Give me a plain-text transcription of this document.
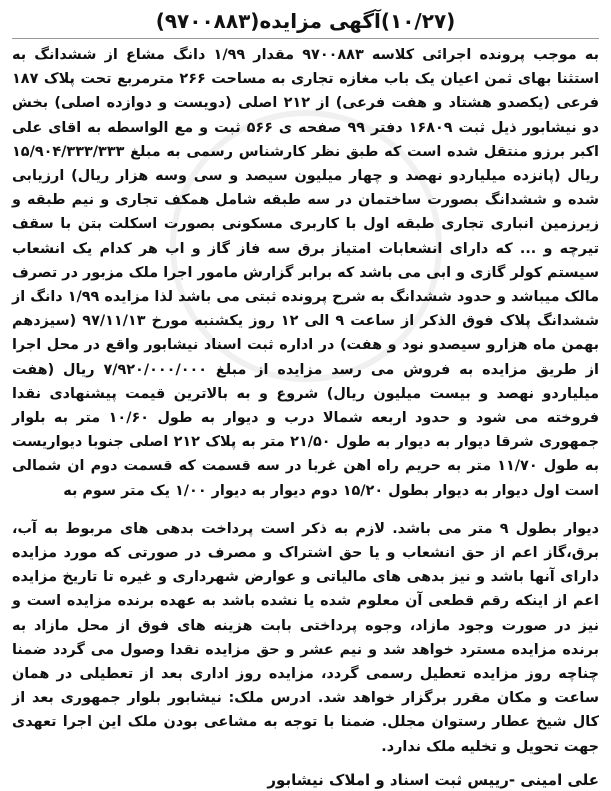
(۱۰/۲۷)آگهی مزایده(۹۷۰۰۸۸۳)

به موجب پرونده اجرائی کلاسه ۹۷۰۰۸۸۳ مقدار ۱/۹۹ دانگ مشاع از ششدانگ به استثنا بهای ثمن اعیان یک باب مغازه تجاری به مساحت ۲۶۶ مترمربع تحت پلاک ۱۸۷ فرعی (یکصدو هشتاد و هفت فرعی) از ۲۱۲ اصلی (دویست و دوازده اصلی) بخش دو نیشابور ذیل ثبت ۱۶۸۰۹ دفتر ۹۹ صفحه ی ۵۶۶ ثبت و مع الواسطه به اقای علی اکبر برزو منتقل شده است که طبق نظر کارشناس رسمی به مبلغ ۱۵/۹۰۴/۳۳۳/۳۳۳ ریال (پانزده میلیاردو نهصد و چهار میلیون سیصد و سی وسه هزار ریال) ارزیابی شده و ششدانگ بصورت ساختمان در سه طبقه شامل همکف تجاری و نیم طبقه و زیرزمین انباری تجاری طبقه اول با کاربری مسکونی بصورت اسکلت بتن با سقف تیرچه و ... که دارای انشعابات امتیاز برق سه فاز گاز و اب هر کدام یک انشعاب سیستم کولر گازی و ابی می باشد که برابر گزارش مامور اجرا ملک مزبور در تصرف مالک میباشد و حدود ششدانگ به شرح پرونده ثبتی می باشد لذا مزایده ۱/۹۹ دانگ از ششدانگ پلاک فوق الذکر از ساعت ۹ الی ۱۲ روز یکشنبه مورخ ۹۷/۱۱/۱۳ (سیزدهم بهمن ماه هزارو سیصدو نود و هفت) در اداره ثبت اسناد نیشابور واقع در محل اجرا از طریق مزایده به فروش می رسد مزایده از مبلغ ۷/۹۲۰/۰۰۰/۰۰۰ ریال (هفت میلیاردو نهصد و بیست میلیون ریال) شروع و به بالاترین قیمت پیشنهادی نقدا فروخته می شود و حدود اربعه شمالا درب و دیوار به طول ۱۰/۶۰ متر به بلوار جمهوری شرقا دیوار به دیوار به طول ۲۱/۵۰ متر به پلاک ۲۱۲ اصلی جنوبا دیواریست به طول ۱۱/۷۰ متر به حریم راه اهن غربا در سه قسمت که قسمت دوم ان شمالی است اول دیوار به دیوار بطول ۱۵/۲۰ دوم دیوار به دیوار ۱/۰۰ یک متر سوم به

دیوار بطول ۹ متر می باشد. لازم به ذکر است پرداخت بدهی های مربوط به آب، برق،گاز اعم از حق انشعاب و یا حق اشتراک و مصرف در صورتی که مورد مزایده دارای آنها باشد و نیز بدهی های مالیاتی و عوارض شهرداری و غیره تا تاریخ مزایده اعم از اینکه رقم قطعی آن معلوم شده یا نشده باشد به عهده برنده مزایده است و نیز در صورت وجود مازاد، وجوه پرداختی بابت هزینه های فوق از محل مازاد به برنده مزایده مسترد خواهد شد و نیم عشر و حق مزایده نقدا وصول می گردد ضمنا چناچه روز مزایده تعطیل رسمی گردد، مزایده روز اداری بعد از تعطیلی در همان ساعت و مکان مقرر برگزار خواهد شد. ادرس ملک: نیشابور بلوار جمهوری بعد از کال شیخ عطار رستوان مجلل. ضمنا با توجه به مشاعی بودن ملک این اجرا تعهدی جهت تحویل و تخلیه ملک ندارد.

علی امینی -رییس ثبت اسناد و املاک نیشابور
